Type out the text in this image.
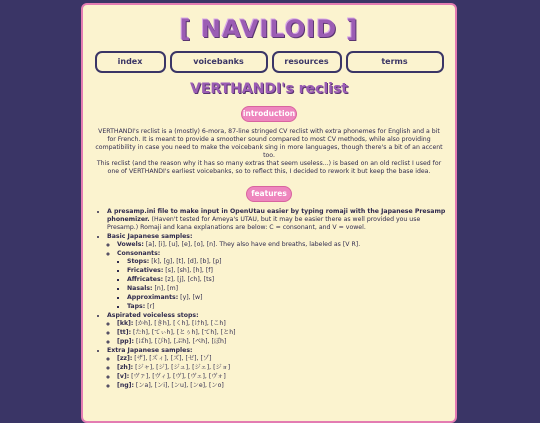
[ NAVILOID ]
index	voicebanks	resources	terms
VERTHANDI's reclist
introduction

VERTHANDI's reclist is a (mostly) 6-mora, 87-line stringed CV reclist with extra phonemes for English and a bit for French. It is meant to provide a smoother sound compared to most CV methods, while also providing compatibility in case you need to make the voicebank sing in more languages, though there's a bit of an accent too.

This reclist (and the reason why it has so many extras that seem useless...) is based on an old reclist I used for one of VERTHANDI's earliest voicebanks, so to reflect this, I decided to rework it but keep the base idea.

features
• A presamp.ini file to make input in OpenUtau easier by typing romaji with the Japanese Presamp phonemizer. (Haven't tested for Ameya's UTAU, but it may be easier there as well provided you use Presamp.) Romaji and kana explanations are below: C = consonant, and V = vowel.
• Basic Japanese samples:
◦ Vowels: [a], [i], [u], [e], [o], [n]. They also have end breaths, labeled as [V R].
◦ Consonants:
▪ Stops: [k], [g], [t], [d], [b], [p]
▪ Fricatives: [s], [sh], [h], [f]
▪ Affricates: [z], [j], [ch], [ts]
▪ Nasals: [n], [m]
▪ Approximants: [y], [w]
▪ Taps: [r]
• Aspirated voiceless stops:
◦ [kk]: [かh], [きh], [くh], [けh], [こh]
◦ [tt]: [たh], [てぃh], [とぅh], [てh], [とh]
◦ [pp]: [ぱh], [ぴh], [ぷh], [ぺh], [ぽh]
• Extra Japanese samples:
◦ [zz]: [ザ], [ズィ], [ズ], [ゼ], [ゾ]
◦ [zh]: [ジャ], [ジ], [ジュ], [ジェ], [ジョ]
◦ [v]: [ヴァ], [ヴィ], [ヴ], [ヴェ], [ヴォ]
◦ [ng]: [ンa], [ンi], [ンu], [ンe], [ンo]
